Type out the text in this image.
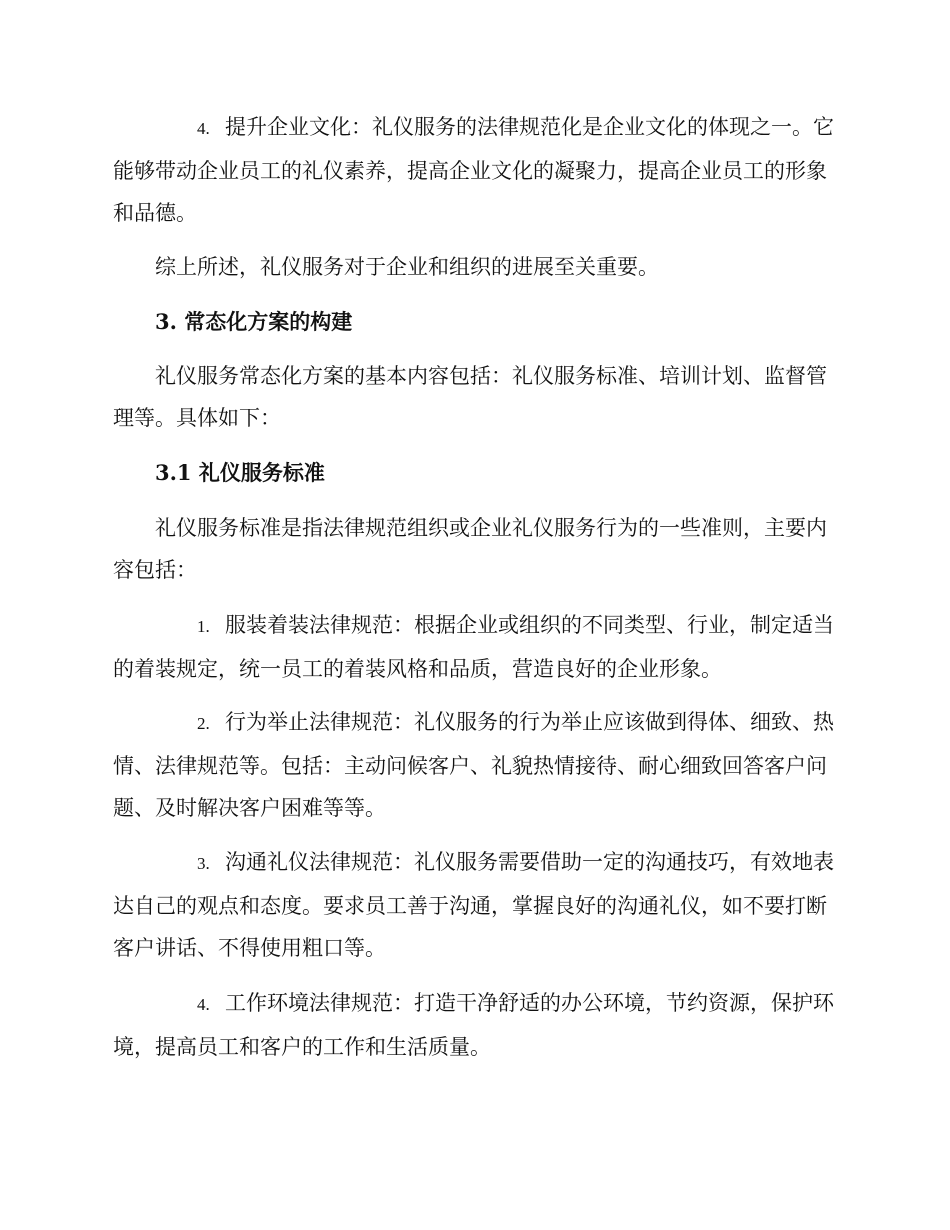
4. 提升企业文化：礼仪服务的法律规范化是企业文化的体现之一。它能够带动企业员工的礼仪素养，提高企业文化的凝聚力，提高企业员工的形象和品德。

综上所述，礼仪服务对于企业和组织的进展至关重要。

3. 常态化方案的构建

礼仪服务常态化方案的基本内容包括：礼仪服务标准、培训计划、监督管理等。具体如下：

3.1 礼仪服务标准

礼仪服务标准是指法律规范组织或企业礼仪服务行为的一些准则，主要内容包括：

1. 服装着装法律规范：根据企业或组织的不同类型、行业，制定适当的着装规定，统一员工的着装风格和品质，营造良好的企业形象。

2. 行为举止法律规范：礼仪服务的行为举止应该做到得体、细致、热情、法律规范等。包括：主动问候客户、礼貌热情接待、耐心细致回答客户问题、及时解决客户困难等等。

3. 沟通礼仪法律规范：礼仪服务需要借助一定的沟通技巧，有效地表达自己的观点和态度。要求员工善于沟通，掌握良好的沟通礼仪，如不要打断客户讲话、不得使用粗口等。

4. 工作环境法律规范：打造干净舒适的办公环境，节约资源，保护环境，提高员工和客户的工作和生活质量。
